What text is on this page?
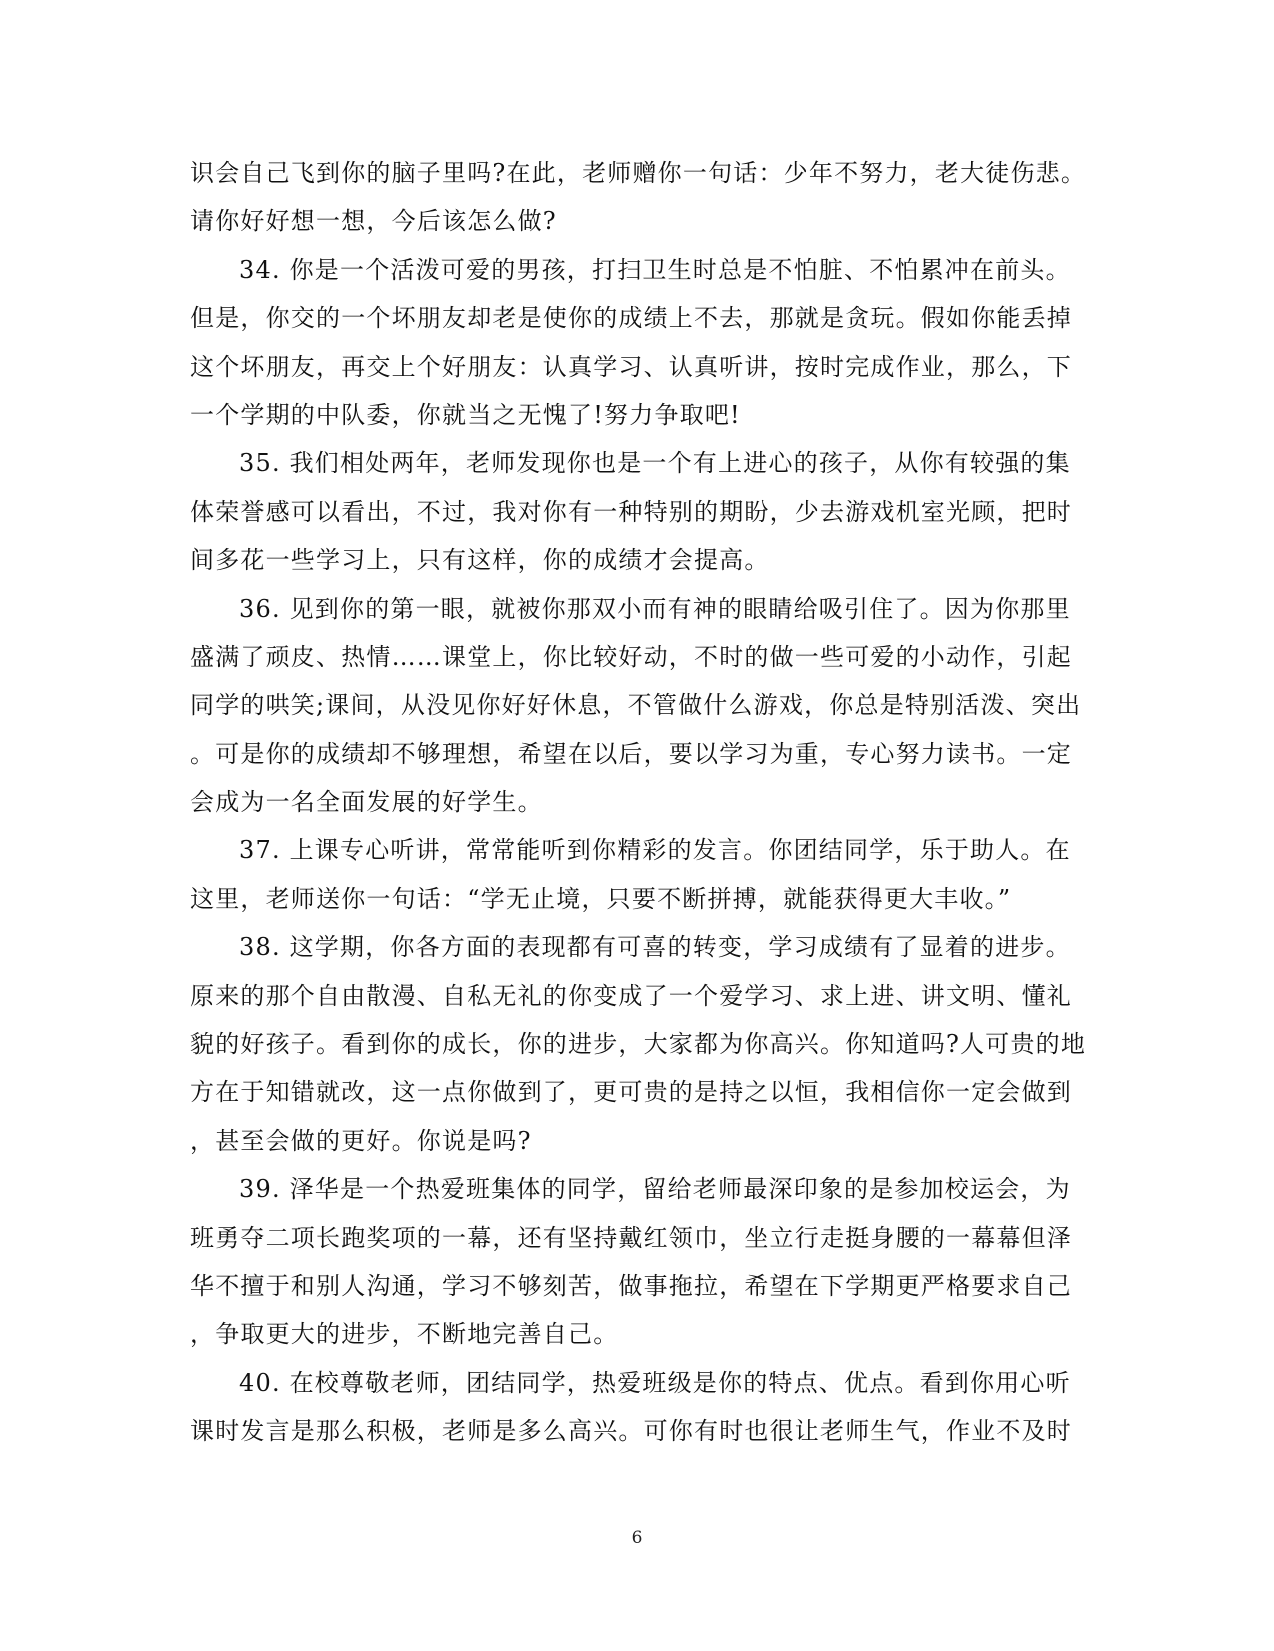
识会自己飞到你的脑子里吗?在此，老师赠你一句话：少年不努力，老大徒伤悲。
请你好好想一想，今后该怎么做?
34. 你是一个活泼可爱的男孩，打扫卫生时总是不怕脏、不怕累冲在前头。
但是，你交的一个坏朋友却老是使你的成绩上不去，那就是贪玩。假如你能丢掉
这个坏朋友，再交上个好朋友：认真学习、认真听讲，按时完成作业，那么，下
一个学期的中队委，你就当之无愧了!努力争取吧!
35. 我们相处两年，老师发现你也是一个有上进心的孩子，从你有较强的集
体荣誉感可以看出，不过，我对你有一种特别的期盼，少去游戏机室光顾，把时
间多花一些学习上，只有这样，你的成绩才会提高。
36. 见到你的第一眼，就被你那双小而有神的眼睛给吸引住了。因为你那里
盛满了顽皮、热情……课堂上，你比较好动，不时的做一些可爱的小动作，引起
同学的哄笑;课间，从没见你好好休息，不管做什么游戏，你总是特别活泼、突出
。可是你的成绩却不够理想，希望在以后，要以学习为重，专心努力读书。一定
会成为一名全面发展的好学生。
37. 上课专心听讲，常常能听到你精彩的发言。你团结同学，乐于助人。在
这里，老师送你一句话：“学无止境，只要不断拼搏，就能获得更大丰收。”
38. 这学期，你各方面的表现都有可喜的转变，学习成绩有了显着的进步。
原来的那个自由散漫、自私无礼的你变成了一个爱学习、求上进、讲文明、懂礼
貌的好孩子。看到你的成长，你的进步，大家都为你高兴。你知道吗?人可贵的地
方在于知错就改，这一点你做到了，更可贵的是持之以恒，我相信你一定会做到
，甚至会做的更好。你说是吗?
39. 泽华是一个热爱班集体的同学，留给老师最深印象的是参加校运会，为
班勇夺二项长跑奖项的一幕，还有坚持戴红领巾，坐立行走挺身腰的一幕幕但泽
华不擅于和别人沟通，学习不够刻苦，做事拖拉，希望在下学期更严格要求自己
，争取更大的进步，不断地完善自己。
40. 在校尊敬老师，团结同学，热爱班级是你的特点、优点。看到你用心听
课时发言是那么积极，老师是多么高兴。可你有时也很让老师生气，作业不及时
6
